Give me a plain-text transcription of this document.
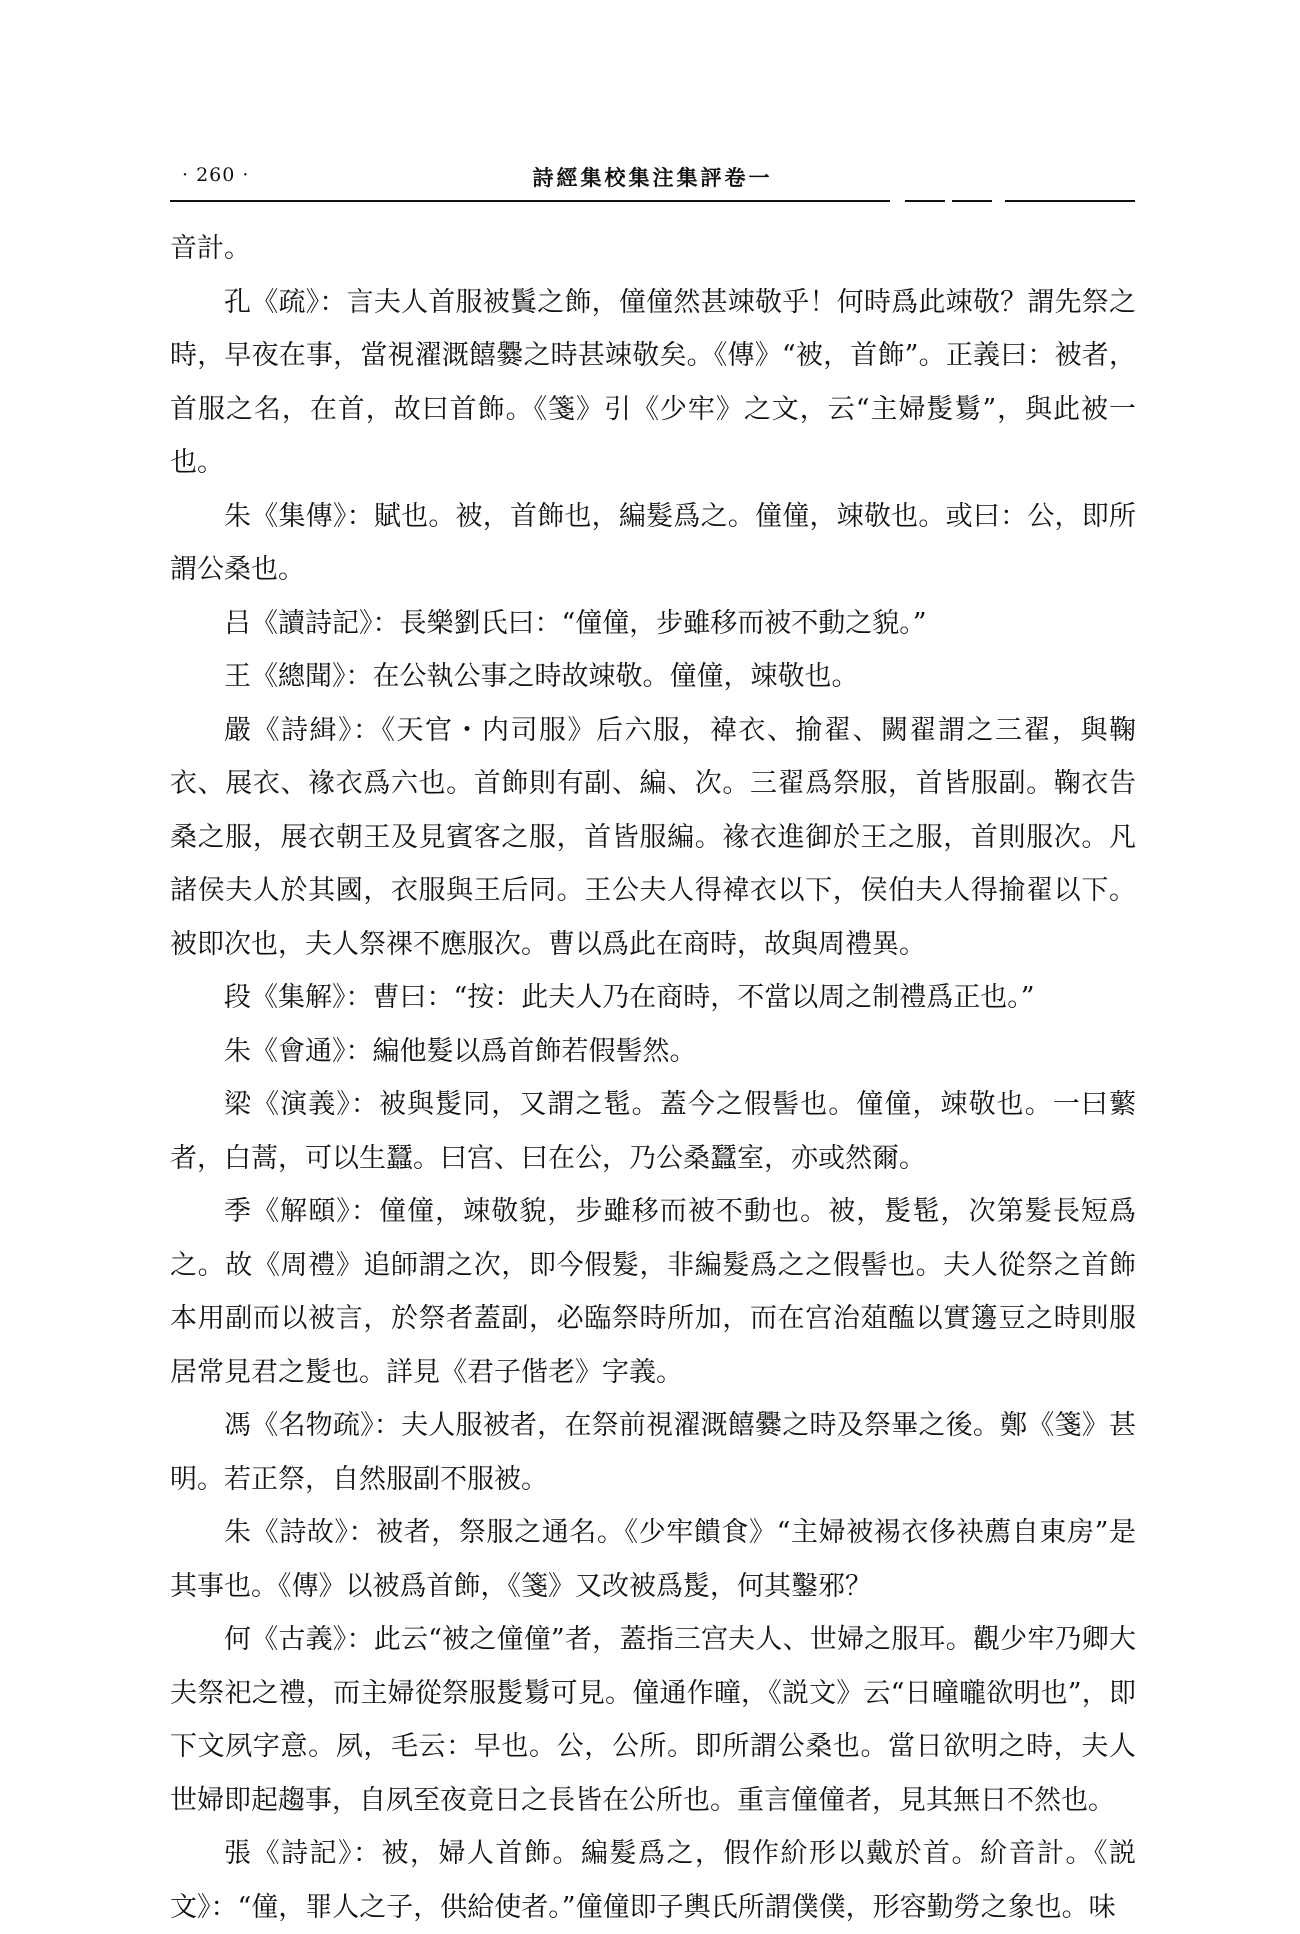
· 260 ·	詩經集校集注集評卷一

音計。

孔《疏》：言夫人首服被鬒之飾，僮僮然甚竦敬乎！何時爲此竦敬？謂先祭之時，早夜在事，當視濯溉饎爨之時甚竦敬矣。《傳》“被，首飾”。正義曰：被者，首服之名，在首，故曰首飾。《箋》引《少牢》之文，云“主婦髲鬄”，與此被一也。

朱《集傳》：賦也。被，首飾也，編髮爲之。僮僮，竦敬也。或曰：公，即所謂公桑也。

吕《讀詩記》：長樂劉氏曰：“僮僮，步雖移而被不動之貌。”

王《總聞》：在公執公事之時故竦敬。僮僮，竦敬也。

嚴《詩緝》：《天官・内司服》后六服，褘衣、揄翟、闕翟謂之三翟，與鞠衣、展衣、褖衣爲六也。首飾則有副、編、次。三翟爲祭服，首皆服副。鞠衣告桑之服，展衣朝王及見賓客之服，首皆服編。褖衣進御於王之服，首則服次。凡諸侯夫人於其國，衣服與王后同。王公夫人得褘衣以下，侯伯夫人得揄翟以下。被即次也，夫人祭祼不應服次。曹以爲此在商時，故與周禮異。

段《集解》：曹曰：“按：此夫人乃在商時，不當以周之制禮爲正也。”

朱《會通》：編他髮以爲首飾若假髻然。

梁《演義》：被與髲同，又謂之髢。蓋今之假髻也。僮僮，竦敬也。一曰蘩者，白蒿，可以生蠶。曰宫、曰在公，乃公桑蠶室，亦或然爾。

季《解頤》：僮僮，竦敬貌，步雖移而被不動也。被，髲髢，次第髮長短爲之。故《周禮》追師謂之次，即今假髮，非編髮爲之之假髻也。夫人從祭之首飾本用副而以被言，於祭者蓋副，必臨祭時所加，而在宫治葅醢以實籩豆之時則服居常見君之髲也。詳見《君子偕老》字義。

馮《名物疏》：夫人服被者，在祭前視濯溉饎爨之時及祭畢之後。鄭《箋》甚明。若正祭，自然服副不服被。

朱《詩故》：被者，祭服之通名。《少牢饋食》“主婦被裼衣侈袂薦自東房”是其事也。《傳》以被爲首飾，《箋》又改被爲髲，何其鑿邪？

何《古義》：此云“被之僮僮”者，蓋指三宫夫人、世婦之服耳。觀少牢乃卿大夫祭祀之禮，而主婦從祭服髲鬄可見。僮通作曈，《説文》云“日曈曨欲明也”，即下文夙字意。夙，毛云：早也。公，公所。即所謂公桑也。當日欲明之時，夫人世婦即起趨事，自夙至夜竟日之長皆在公所也。重言僮僮者，見其無日不然也。

張《詩記》：被，婦人首飾。編髮爲之，假作紒形以戴於首。紒音計。《説文》：“僮，罪人之子，供給使者。”僮僮即子輿氏所謂僕僕，形容勤勞之象也。味
